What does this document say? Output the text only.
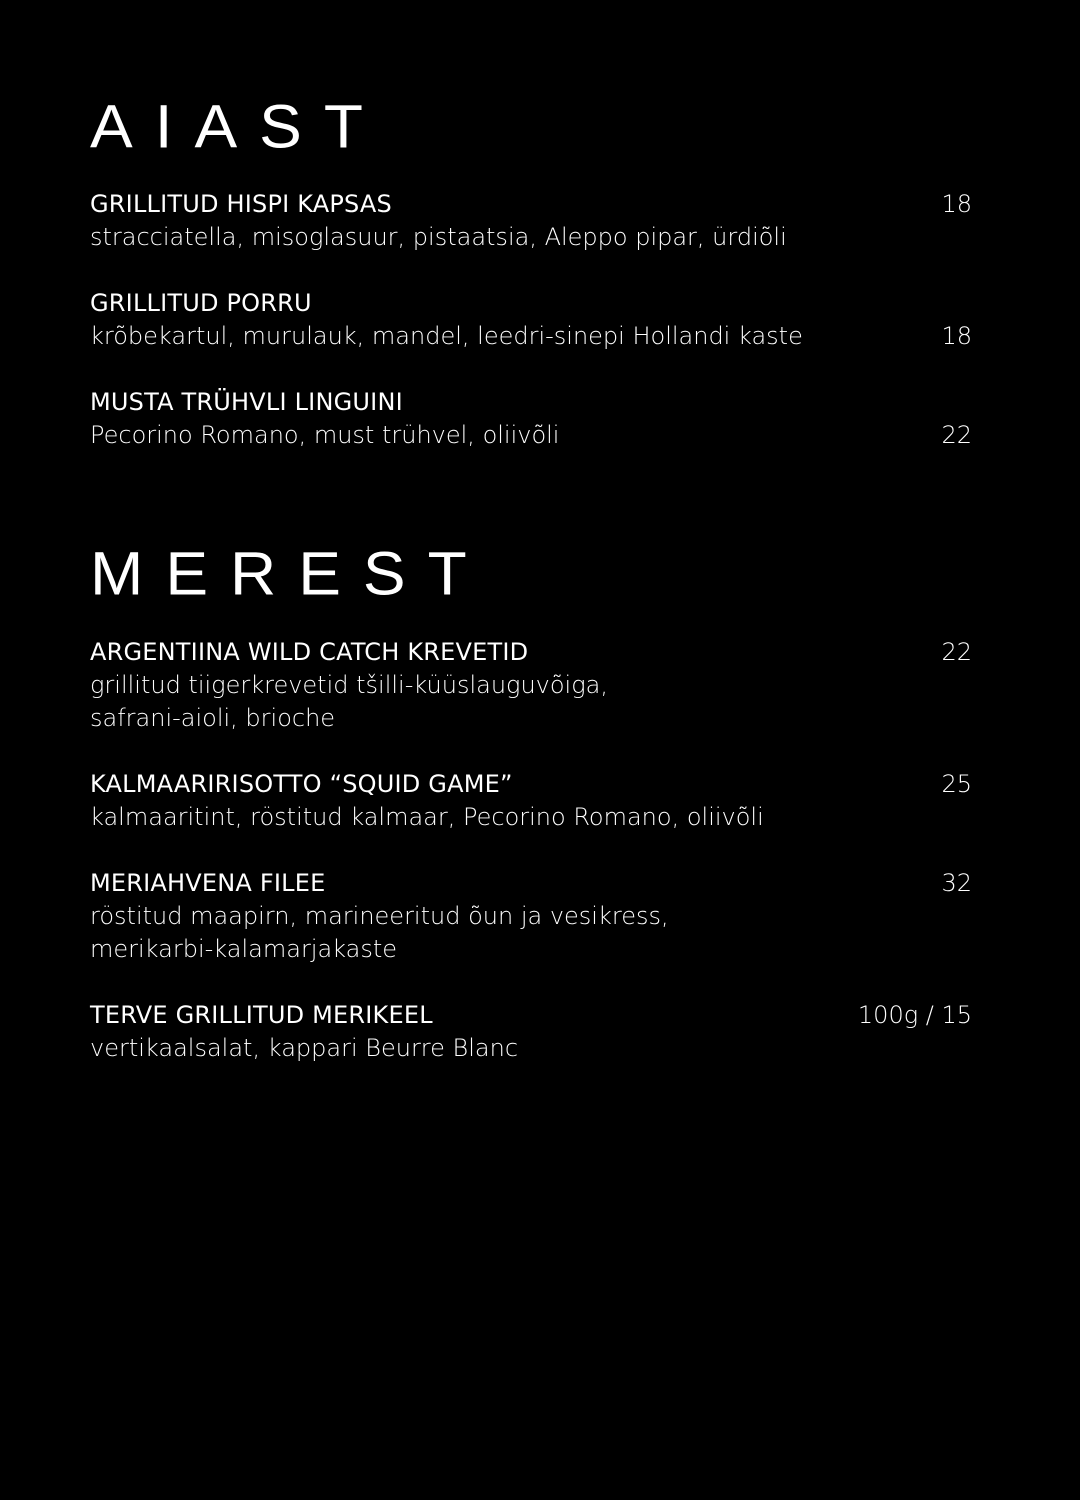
AIAST
GRILLITUD HISPI KAPSAS
stracciatella, misoglasuur, pistaatsia, Aleppo pipar, ürdiõli
18
GRILLITUD PORRU
krõbekartul, murulauk, mandel, leedri-sinepi Hollandi kaste	18
MUSTA TRÜHVLI LINGUINI
Pecorino Romano, must trühvel, oliivõli	22
MEREST
ARGENTIINA WILD CATCH KREVETID
grillitud tiigerkrevetid tšilli-küüslauguvõiga,
safrani-aioli, brioche
22
KALMAARIRISOTTO “SQUID GAME”
kalmaaritint, röstitud kalmaar, Pecorino Romano, oliivõli
25
MERIAHVENA FILEE
röstitud maapirn, marineeritud õun ja vesikress,
merikarbi-kalamarjakaste
32
TERVE GRILLITUD MERIKEEL
vertikaalsalat, kappari Beurre Blanc
100g / 15
